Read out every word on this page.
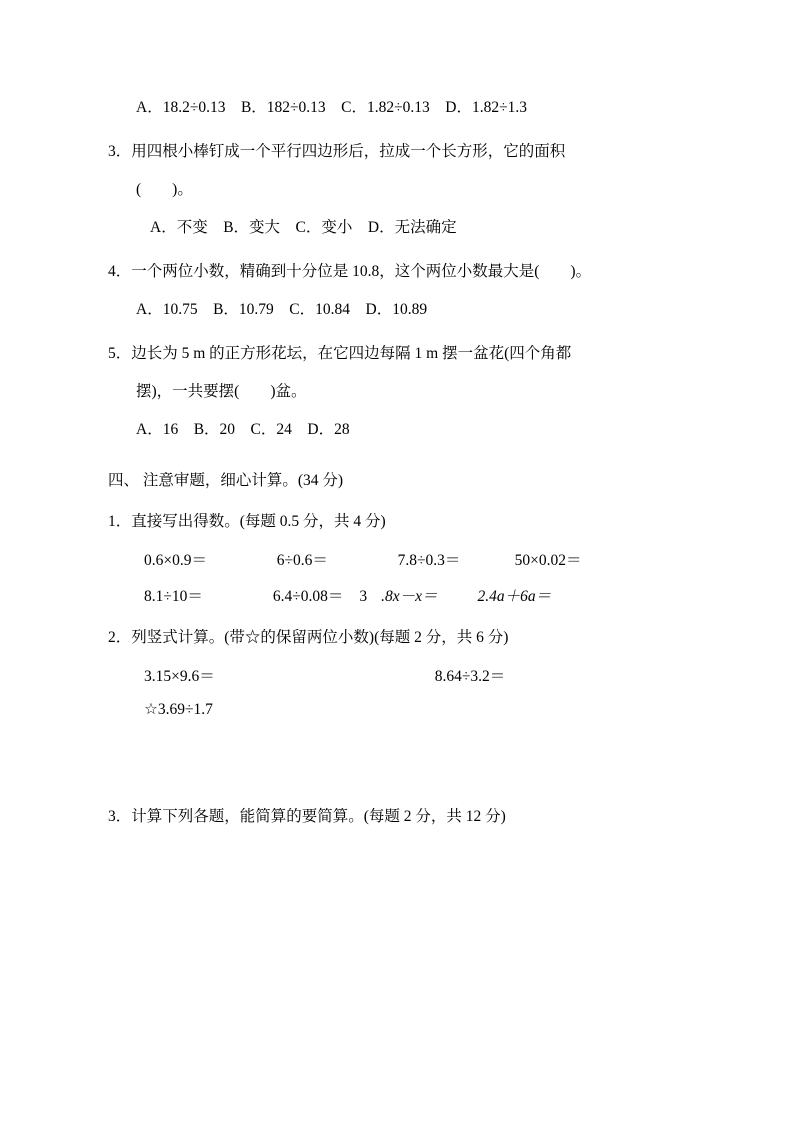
A．18.2÷0.13　B．182÷0.13　C．1.82÷0.13　D．1.82÷1.3
3．用四根小棒钉成一个平行四边形后，拉成一个长方形，它的面积
(　　)。
A．不变　B．变大　C．变小　D．无法确定
4．一个两位小数，精确到十分位是 10.8，这个两位小数最大是(　　)。
A．10.75　B．10.79　C．10.84　D．10.89
5．边长为 5 m 的正方形花坛，在它四边每隔 1 m 摆一盆花(四个角都
摆)，一共要摆(　　)盆。
A．16　B．20　C．24　D．28
四、 注意审题，细心计算。(34 分)
1．直接写出得数。(每题 0.5 分，共 4 分)
0.6×0.9＝　　　　  6÷0.6＝　　　　  7.8÷0.3＝　　　  50×0.02＝
8.1÷10＝	6.4÷0.08＝ 3 .8x－x＝	2.4a＋6a＝
2．列竖式计算。(带☆的保留两位小数)(每题 2 分，共 6 分)
3.15×9.6＝	8.64÷3.2＝
☆3.69÷1.7
3．计算下列各题，能简算的要简算。(每题 2 分，共 12 分)
